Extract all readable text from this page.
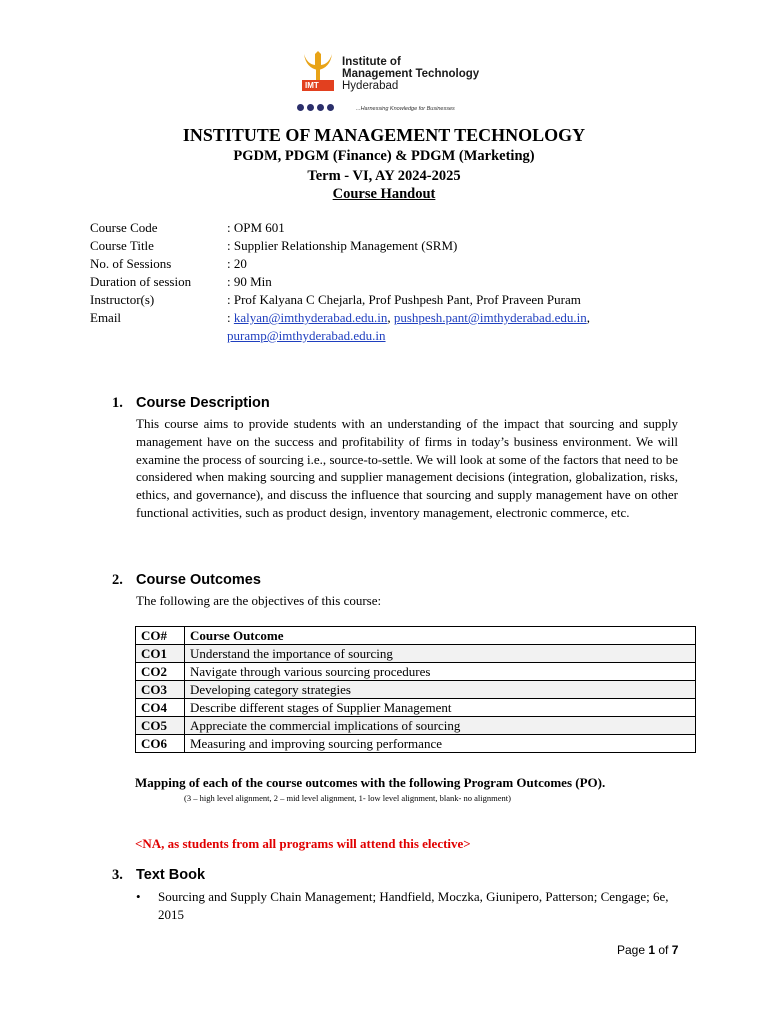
IMT
Institute of
Management Technology
Hyderabad
...Harnessing Knowledge for Businesses
INSTITUTE OF MANAGEMENT TECHNOLOGY
PGDM, PDGM (Finance) & PDGM (Marketing)
Term - VI, AY 2024-2025
Course Handout
Course Code	: OPM 601
Course Title	: Supplier Relationship Management (SRM)
No. of Sessions	: 20
Duration of session	: 90 Min
Instructor(s)	: Prof Kalyana C Chejarla, Prof Pushpesh Pant, Prof Praveen Puram
Email	: kalyan@imthyderabad.edu.in, pushpesh.pant@imthyderabad.edu.in,
puramp@imthyderabad.edu.in
1. Course Description
This course aims to provide students with an understanding of the impact that sourcing and supply management have on the success and profitability of firms in today’s business environment. We will examine the process of sourcing i.e., source-to-settle. We will look at some of the factors that need to be considered when making sourcing and supplier management decisions (integration, globalization, risks, ethics, and governance), and discuss the influence that sourcing and supply management have on other functional activities, such as product design, inventory management, electronic commerce, etc.
2. Course Outcomes
The following are the objectives of this course:
CO#	Course Outcome
CO1	Understand the importance of sourcing
CO2	Navigate through various sourcing procedures
CO3	Developing category strategies
CO4	Describe different stages of Supplier Management
CO5	Appreciate the commercial implications of sourcing
CO6	Measuring and improving sourcing performance
Mapping of each of the course outcomes with the following Program Outcomes (PO).
(3 – high level alignment, 2 – mid level alignment, 1- low level alignment, blank- no alignment)
<NA, as students from all programs will attend this elective>
3. Text Book
• Sourcing and Supply Chain Management; Handfield, Moczka, Giunipero, Patterson; Cengage; 6e, 2015
Page 1 of 7
